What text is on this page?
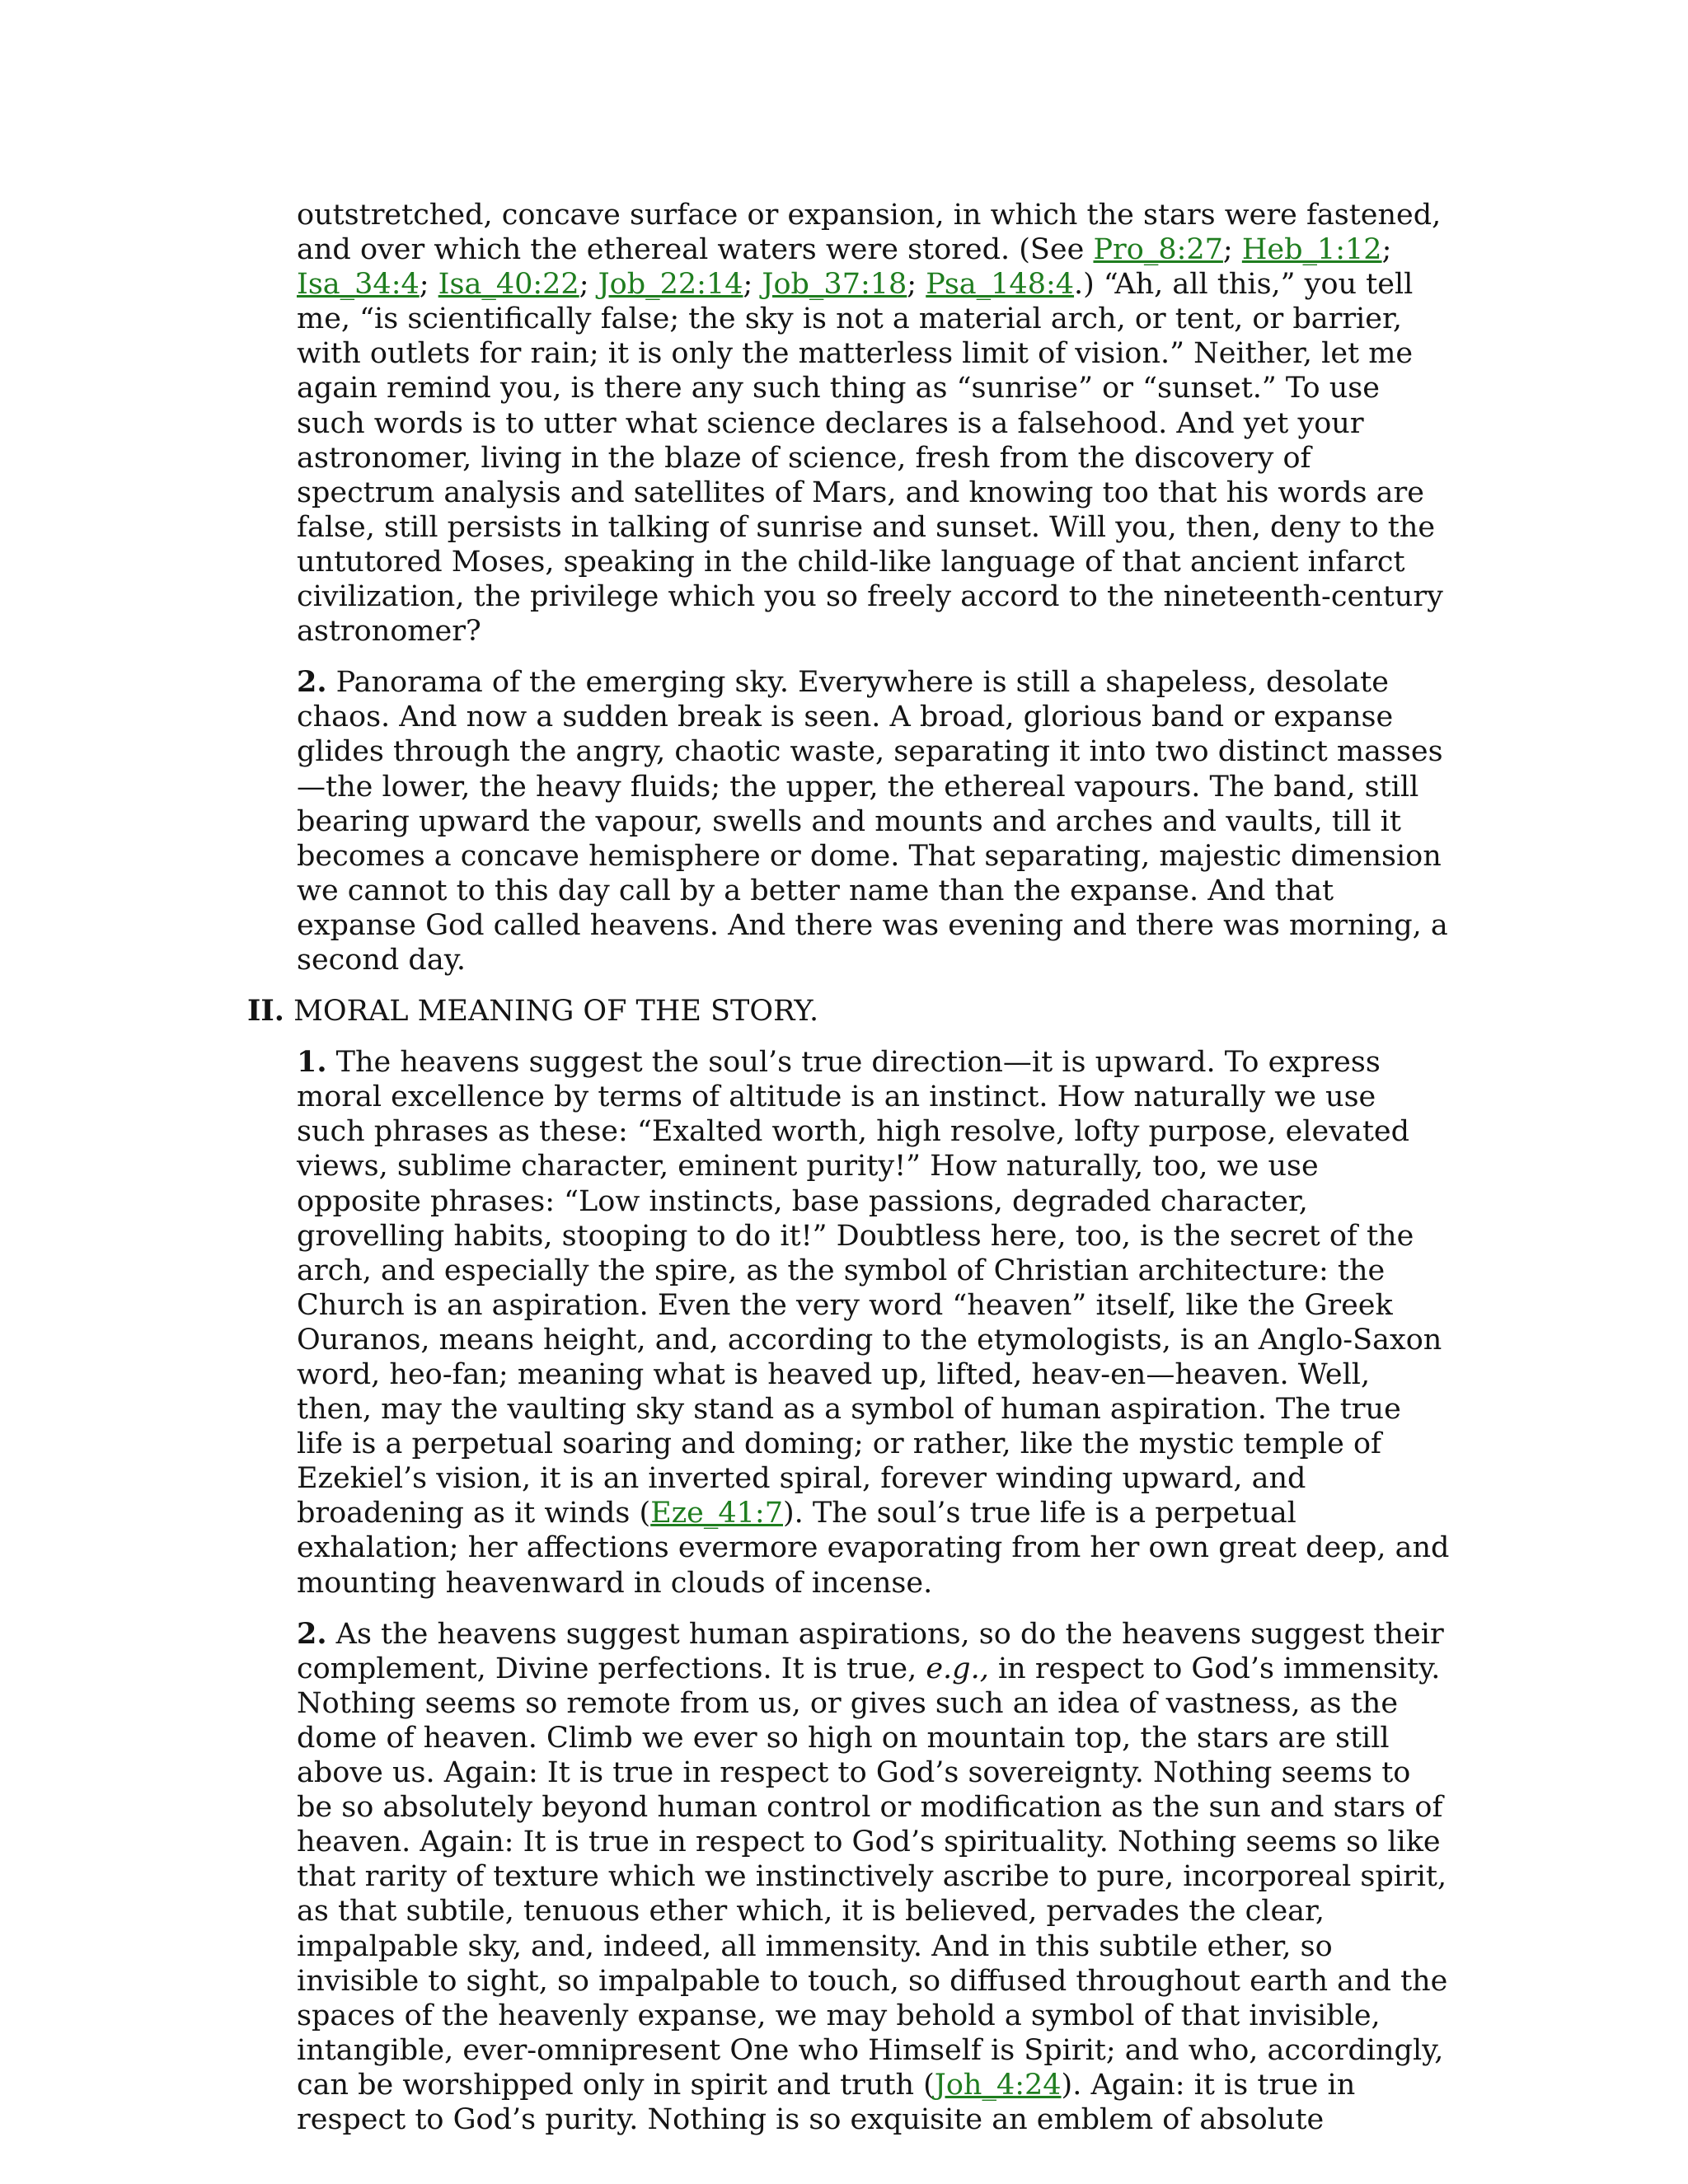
outstretched, concave surface or expansion, in which the stars were fastened, and over which the ethereal waters were stored. (See Pro_8:27; Heb_1:12; Isa_34:4; Isa_40:22; Job_22:14; Job_37:18; Psa_148:4.) “Ah, all this,” you tell me, “is scientifically false; the sky is not a material arch, or tent, or barrier, with outlets for rain; it is only the matterless limit of vision.” Neither, let me again remind you, is there any such thing as “sunrise” or “sunset.” To use such words is to utter what science declares is a falsehood. And yet your astronomer, living in the blaze of science, fresh from the discovery of spectrum analysis and satellites of Mars, and knowing too that his words are false, still persists in talking of sunrise and sunset. Will you, then, deny to the untutored Moses, speaking in the child-like language of that ancient infarct civilization, the privilege which you so freely accord to the nineteenth-century astronomer?

2. Panorama of the emerging sky. Everywhere is still a shapeless, desolate chaos. And now a sudden break is seen. A broad, glorious band or expanse glides through the angry, chaotic waste, separating it into two distinct masses—the lower, the heavy fluids; the upper, the ethereal vapours. The band, still bearing upward the vapour, swells and mounts and arches and vaults, till it becomes a concave hemisphere or dome. That separating, majestic dimension we cannot to this day call by a better name than the expanse. And that expanse God called heavens. And there was evening and there was morning, a second day.

II. MORAL MEANING OF THE STORY.

1. The heavens suggest the soul’s true direction—it is upward. To express moral excellence by terms of altitude is an instinct. How naturally we use such phrases as these: “Exalted worth, high resolve, lofty purpose, elevated views, sublime character, eminent purity!” How naturally, too, we use opposite phrases: “Low instincts, base passions, degraded character, grovelling habits, stooping to do it!” Doubtless here, too, is the secret of the arch, and especially the spire, as the symbol of Christian architecture: the Church is an aspiration. Even the very word “heaven” itself, like the Greek Ouranos, means height, and, according to the etymologists, is an Anglo-Saxon word, heo-fan; meaning what is heaved up, lifted, heav-en—heaven. Well, then, may the vaulting sky stand as a symbol of human aspiration. The true life is a perpetual soaring and doming; or rather, like the mystic temple of Ezekiel’s vision, it is an inverted spiral, forever winding upward, and broadening as it winds (Eze_41:7). The soul’s true life is a perpetual exhalation; her affections evermore evaporating from her own great deep, and mounting heavenward in clouds of incense.

2. As the heavens suggest human aspirations, so do the heavens suggest their complement, Divine perfections. It is true, e.g., in respect to God’s immensity. Nothing seems so remote from us, or gives such an idea of vastness, as the dome of heaven. Climb we ever so high on mountain top, the stars are still above us. Again: It is true in respect to God’s sovereignty. Nothing seems to be so absolutely beyond human control or modification as the sun and stars of heaven. Again: It is true in respect to God’s spirituality. Nothing seems so like that rarity of texture which we instinctively ascribe to pure, incorporeal spirit, as that subtile, tenuous ether which, it is believed, pervades the clear, impalpable sky, and, indeed, all immensity. And in this subtile ether, so invisible to sight, so impalpable to touch, so diffused throughout earth and the spaces of the heavenly expanse, we may behold a symbol of that invisible, intangible, ever-omnipresent One who Himself is Spirit; and who, accordingly, can be worshipped only in spirit and truth (Joh_4:24). Again: it is true in respect to God’s purity. Nothing is so exquisite an emblem of absolute
